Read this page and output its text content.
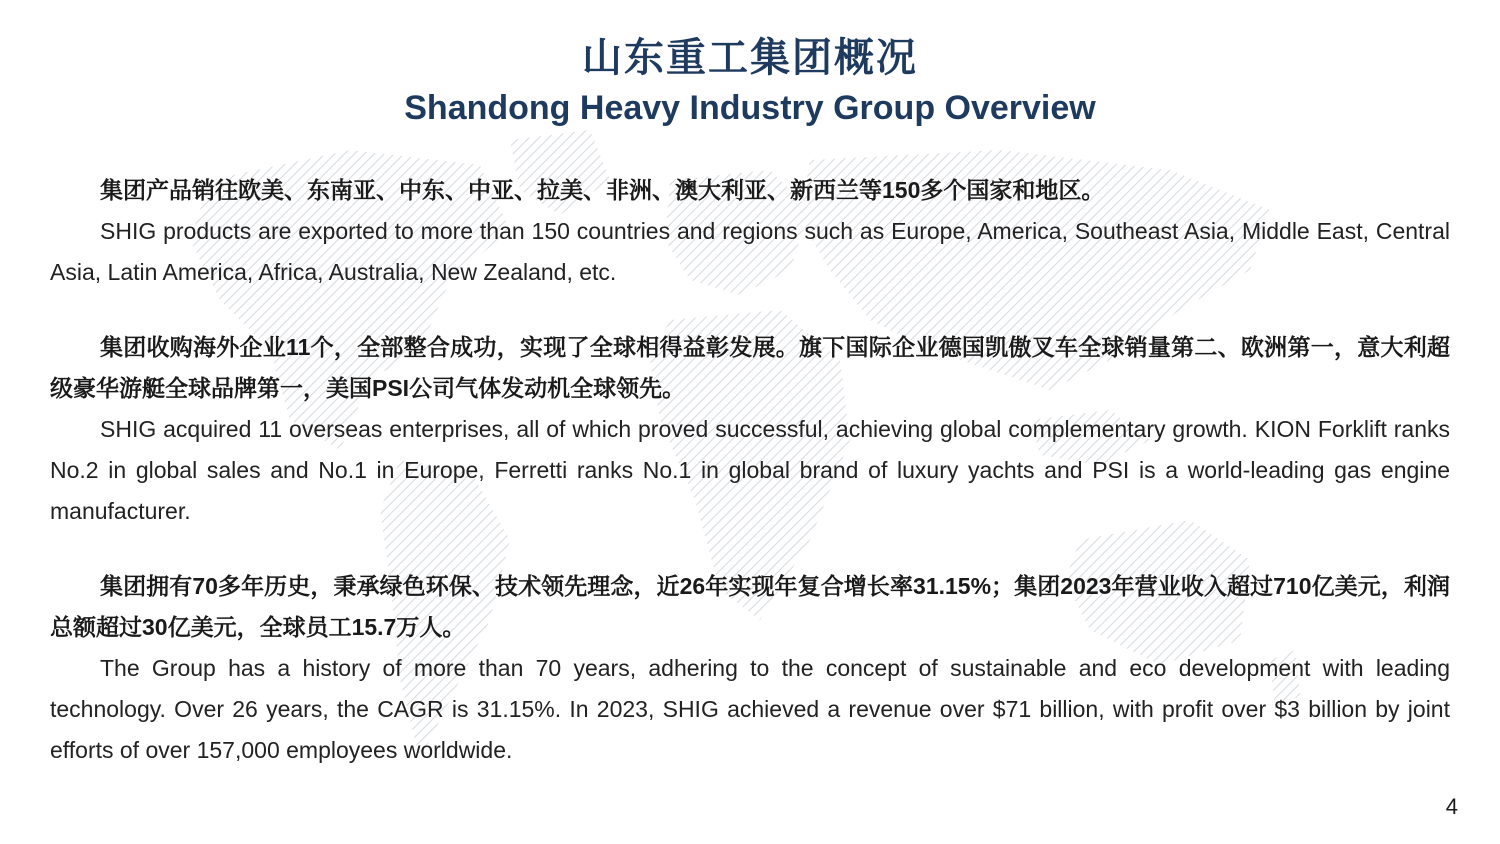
山东重工集团概况
Shandong Heavy Industry Group Overview

集团产品销往欧美、东南亚、中东、中亚、拉美、非洲、澳大利亚、新西兰等150多个国家和地区。

SHIG products are exported to more than 150 countries and regions such as Europe, America, Southeast Asia, Middle East, Central Asia, Latin America, Africa, Australia, New Zealand, etc.

集团收购海外企业11个，全部整合成功，实现了全球相得益彰发展。旗下国际企业德国凯傲叉车全球销量第二、欧洲第一，意大利超级豪华游艇全球品牌第一，美国PSI公司气体发动机全球领先。

SHIG acquired 11 overseas enterprises, all of which proved successful, achieving global complementary growth. KION Forklift ranks No.2 in global sales and No.1 in Europe, Ferretti ranks No.1 in global brand of luxury yachts and PSI is a world-leading gas engine manufacturer.

集团拥有70多年历史，秉承绿色环保、技术领先理念，近26年实现年复合增长率31.15%；集团2023年营业收入超过710亿美元，利润总额超过30亿美元，全球员工15.7万人。

The Group has a history of more than 70 years, adhering to the concept of sustainable and eco development with leading technology. Over 26 years, the CAGR is 31.15%. In 2023, SHIG achieved a revenue over $71 billion, with profit over $3 billion by joint efforts of over 157,000 employees worldwide.

4
